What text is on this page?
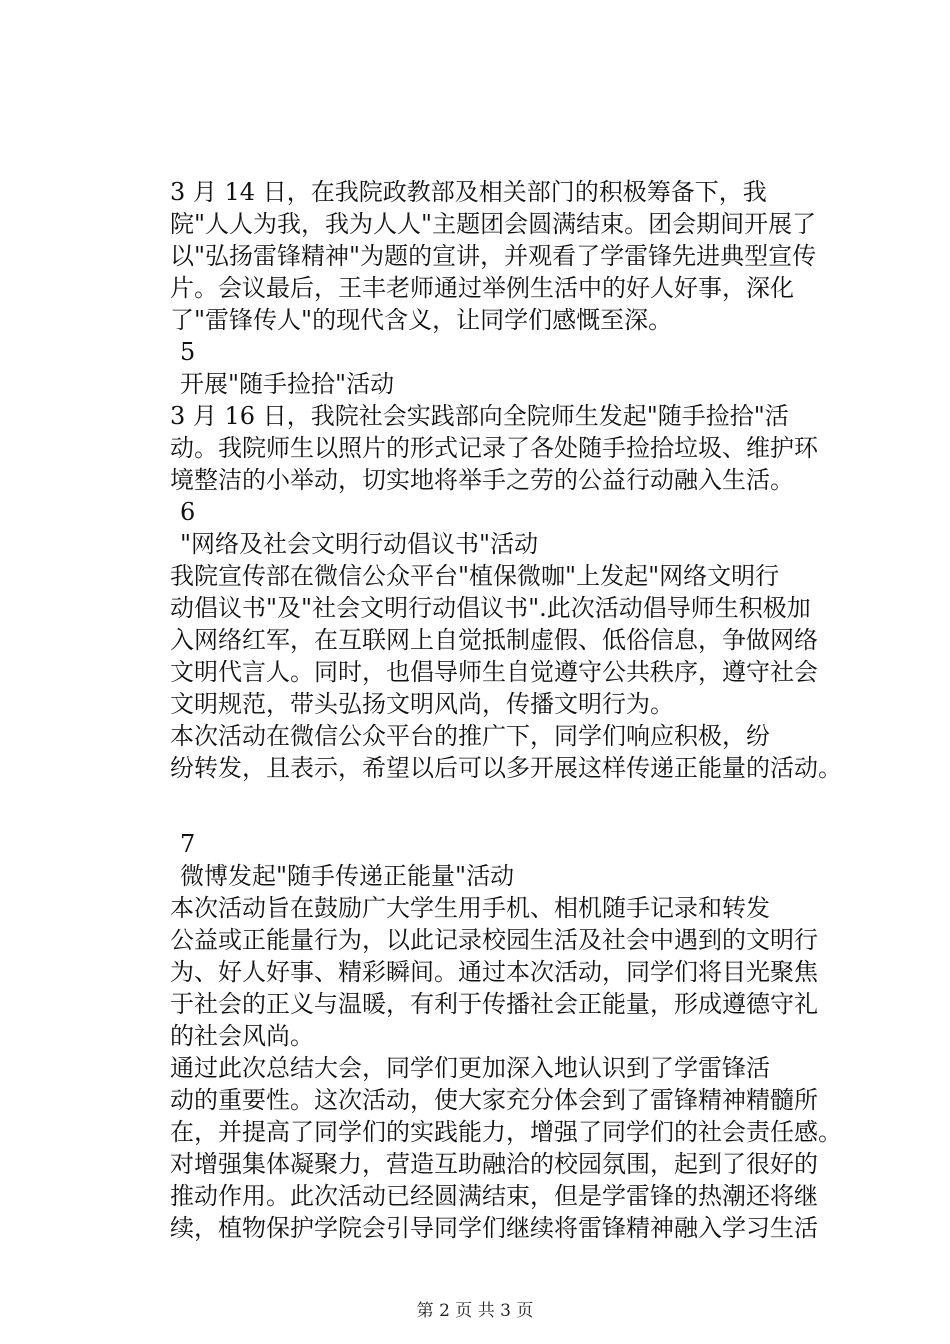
3 月 14 日，在我院政教部及相关部门的积极筹备下，我
院"人人为我，我为人人"主题团会圆满结束。团会期间开展了
以"弘扬雷锋精神"为题的宣讲，并观看了学雷锋先进典型宣传
片。会议最后，王丰老师通过举例生活中的好人好事，深化
了"雷锋传人"的现代含义，让同学们感慨至深。
5
开展"随手捡拾"活动
3 月 16 日，我院社会实践部向全院师生发起"随手捡拾"活
动。我院师生以照片的形式记录了各处随手捡拾垃圾、维护环
境整洁的小举动，切实地将举手之劳的公益行动融入生活。
6
"网络及社会文明行动倡议书"活动
我院宣传部在微信公众平台"植保微咖"上发起"网络文明行
动倡议书"及"社会文明行动倡议书".此次活动倡导师生积极加
入网络红军，在互联网上自觉抵制虚假、低俗信息，争做网络
文明代言人。同时，也倡导师生自觉遵守公共秩序，遵守社会
文明规范，带头弘扬文明风尚，传播文明行为。
本次活动在微信公众平台的推广下，同学们响应积极，纷
纷转发，且表示，希望以后可以多开展这样传递正能量的活动。
7
微博发起"随手传递正能量"活动
本次活动旨在鼓励广大学生用手机、相机随手记录和转发
公益或正能量行为，以此记录校园生活及社会中遇到的文明行
为、好人好事、精彩瞬间。通过本次活动，同学们将目光聚焦
于社会的正义与温暖，有利于传播社会正能量，形成遵德守礼
的社会风尚。
通过此次总结大会，同学们更加深入地认识到了学雷锋活
动的重要性。这次活动，使大家充分体会到了雷锋精神精髓所
在，并提高了同学们的实践能力，增强了同学们的社会责任感。
对增强集体凝聚力，营造互助融洽的校园氛围，起到了很好的
推动作用。此次活动已经圆满结束，但是学雷锋的热潮还将继
续，植物保护学院会引导同学们继续将雷锋精神融入学习生活
第 2 页 共 3 页
